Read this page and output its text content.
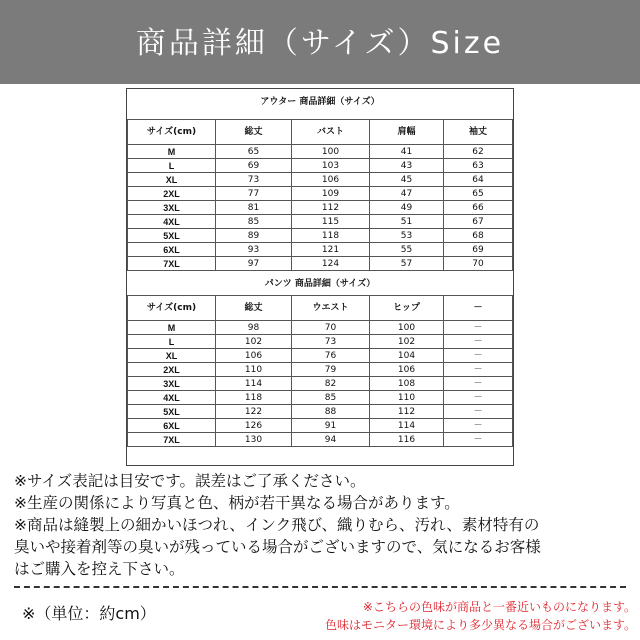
商品詳細（サイズ）Size
アウター 商品詳細（サイズ）
サイズ(cm)	総丈	バスト	肩幅	袖丈
M	65	100	41	62
L	69	103	43	63
XL	73	106	45	64
2XL	77	109	47	65
3XL	81	112	49	66
4XL	85	115	51	67
5XL	89	118	53	68
6XL	93	121	55	69
7XL	97	124	57	70
パンツ 商品詳細（サイズ）
サイズ(cm)	総丈	ウエスト	ヒップ	－
M	98	70	100	－
L	102	73	102	－
XL	106	76	104	－
2XL	110	79	106	－
3XL	114	82	108	－
4XL	118	85	110	－
5XL	122	88	112	－
6XL	126	91	114	－
7XL	130	94	116	－

※サイズ表記は目安です。誤差はご了承ください。

※生産の関係により写真と色、柄が若干異なる場合があります。

※商品は縫製上の細かいほつれ、インク飛び、織りむら、汚れ、素材特有の

臭いや接着剤等の臭いが残っている場合がございますので、気になるお客様

はご購入を控え下さい。

※（単位：約cm）	※こちらの色味が商品と一番近いものになります。

色味はモニター環境により多少異なる場合がございます。
